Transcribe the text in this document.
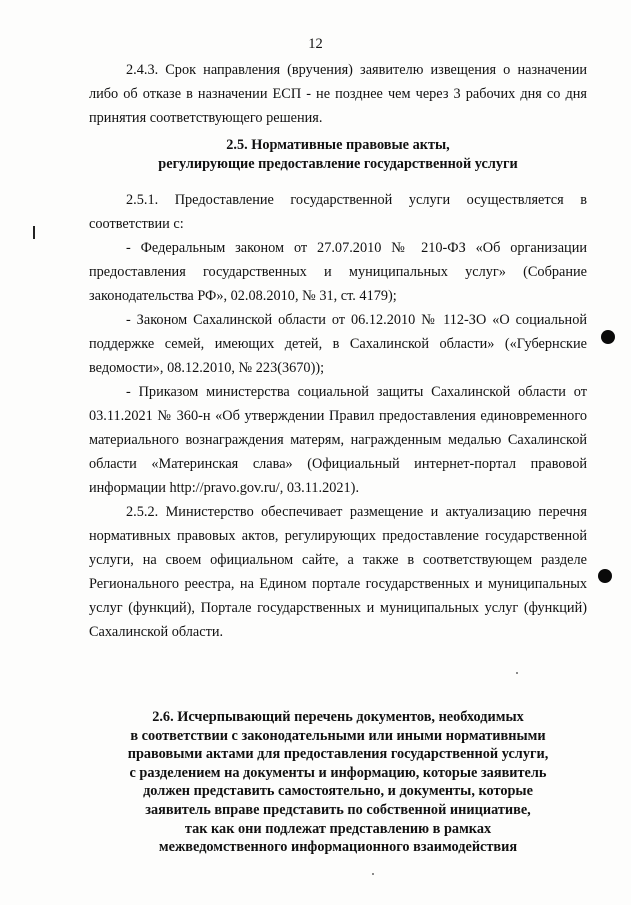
12

2.4.3. Срок направления (вручения) заявителю извещения о назначении либо об отказе в назначении ЕСП - не позднее чем через 3 рабочих дня со дня принятия соответствующего решения.

2.5. Нормативные правовые акты,
регулирующие предоставление государственной услуги

2.5.1. Предоставление государственной услуги осуществляется в соответствии с:

- Федеральным законом от 27.07.2010 № 210-ФЗ «Об организации предоставления государственных и муниципальных услуг» (Собрание законодательства РФ», 02.08.2010, № 31, ст. 4179);

- Законом Сахалинской области от 06.12.2010 № 112-ЗО «О социальной поддержке семей, имеющих детей, в Сахалинской области» («Губернские ведомости», 08.12.2010, № 223(3670));

- Приказом министерства социальной защиты Сахалинской области от 03.11.2021 № 360-н «Об утверждении Правил предоставления единовременного материального вознаграждения матерям, награжденным медалью Сахалинской области «Материнская слава» (Официальный интернет-портал правовой информации http://pravo.gov.ru/, 03.11.2021).

2.5.2. Министерство обеспечивает размещение и актуализацию перечня нормативных правовых актов, регулирующих предоставление государственной услуги, на своем официальном сайте, а также в соответствующем разделе Регионального реестра, на Едином портале государственных и муниципальных услуг (функций), Портале государственных и муниципальных услуг (функций) Сахалинской области.

2.6. Исчерпывающий перечень документов, необходимых
в соответствии с законодательными или иными нормативными
правовыми актами для предоставления государственной услуги,
с разделением на документы и информацию, которые заявитель
должен представить самостоятельно, и документы, которые
заявитель вправе представить по собственной инициативе,
так как они подлежат представлению в рамках
межведомственного информационного взаимодействия
